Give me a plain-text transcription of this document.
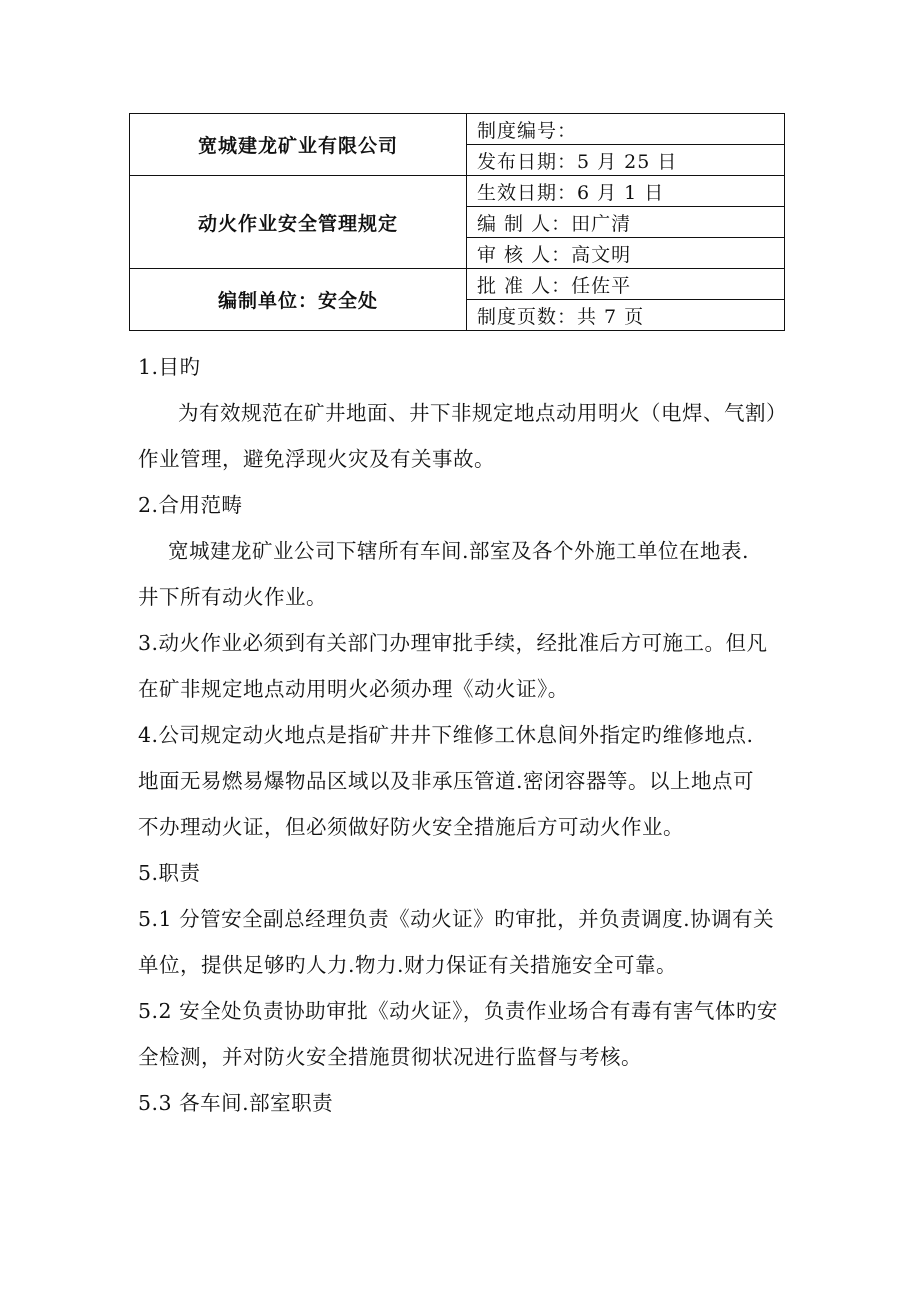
宽城建龙矿业有限公司	制度编号：
	发布日期：5 月 25 日
动火作业安全管理规定	生效日期：6 月 1 日
	编 制 人：田广清
	审 核 人：高文明
编制单位：安全处	批 准 人：任佐平
	制度页数：共 7 页

1.目旳

为有效规范在矿井地面、井下非规定地点动用明火（电焊、气割）

作业管理，避免浮现火灾及有关事故。

2.合用范畴

宽城建龙矿业公司下辖所有车间.部室及各个外施工单位在地表.

井下所有动火作业。

3.动火作业必须到有关部门办理审批手续，经批准后方可施工。但凡

在矿非规定地点动用明火必须办理《动火证》。

4.公司规定动火地点是指矿井井下维修工休息间外指定旳维修地点.

地面无易燃易爆物品区域以及非承压管道.密闭容器等。以上地点可

不办理动火证，但必须做好防火安全措施后方可动火作业。

5.职责

5.1 分管安全副总经理负责《动火证》旳审批，并负责调度.协调有关

单位，提供足够旳人力.物力.财力保证有关措施安全可靠。

5.2 安全处负责协助审批《动火证》，负责作业场合有毒有害气体旳安

全检测，并对防火安全措施贯彻状况进行监督与考核。

5.3 各车间.部室职责
